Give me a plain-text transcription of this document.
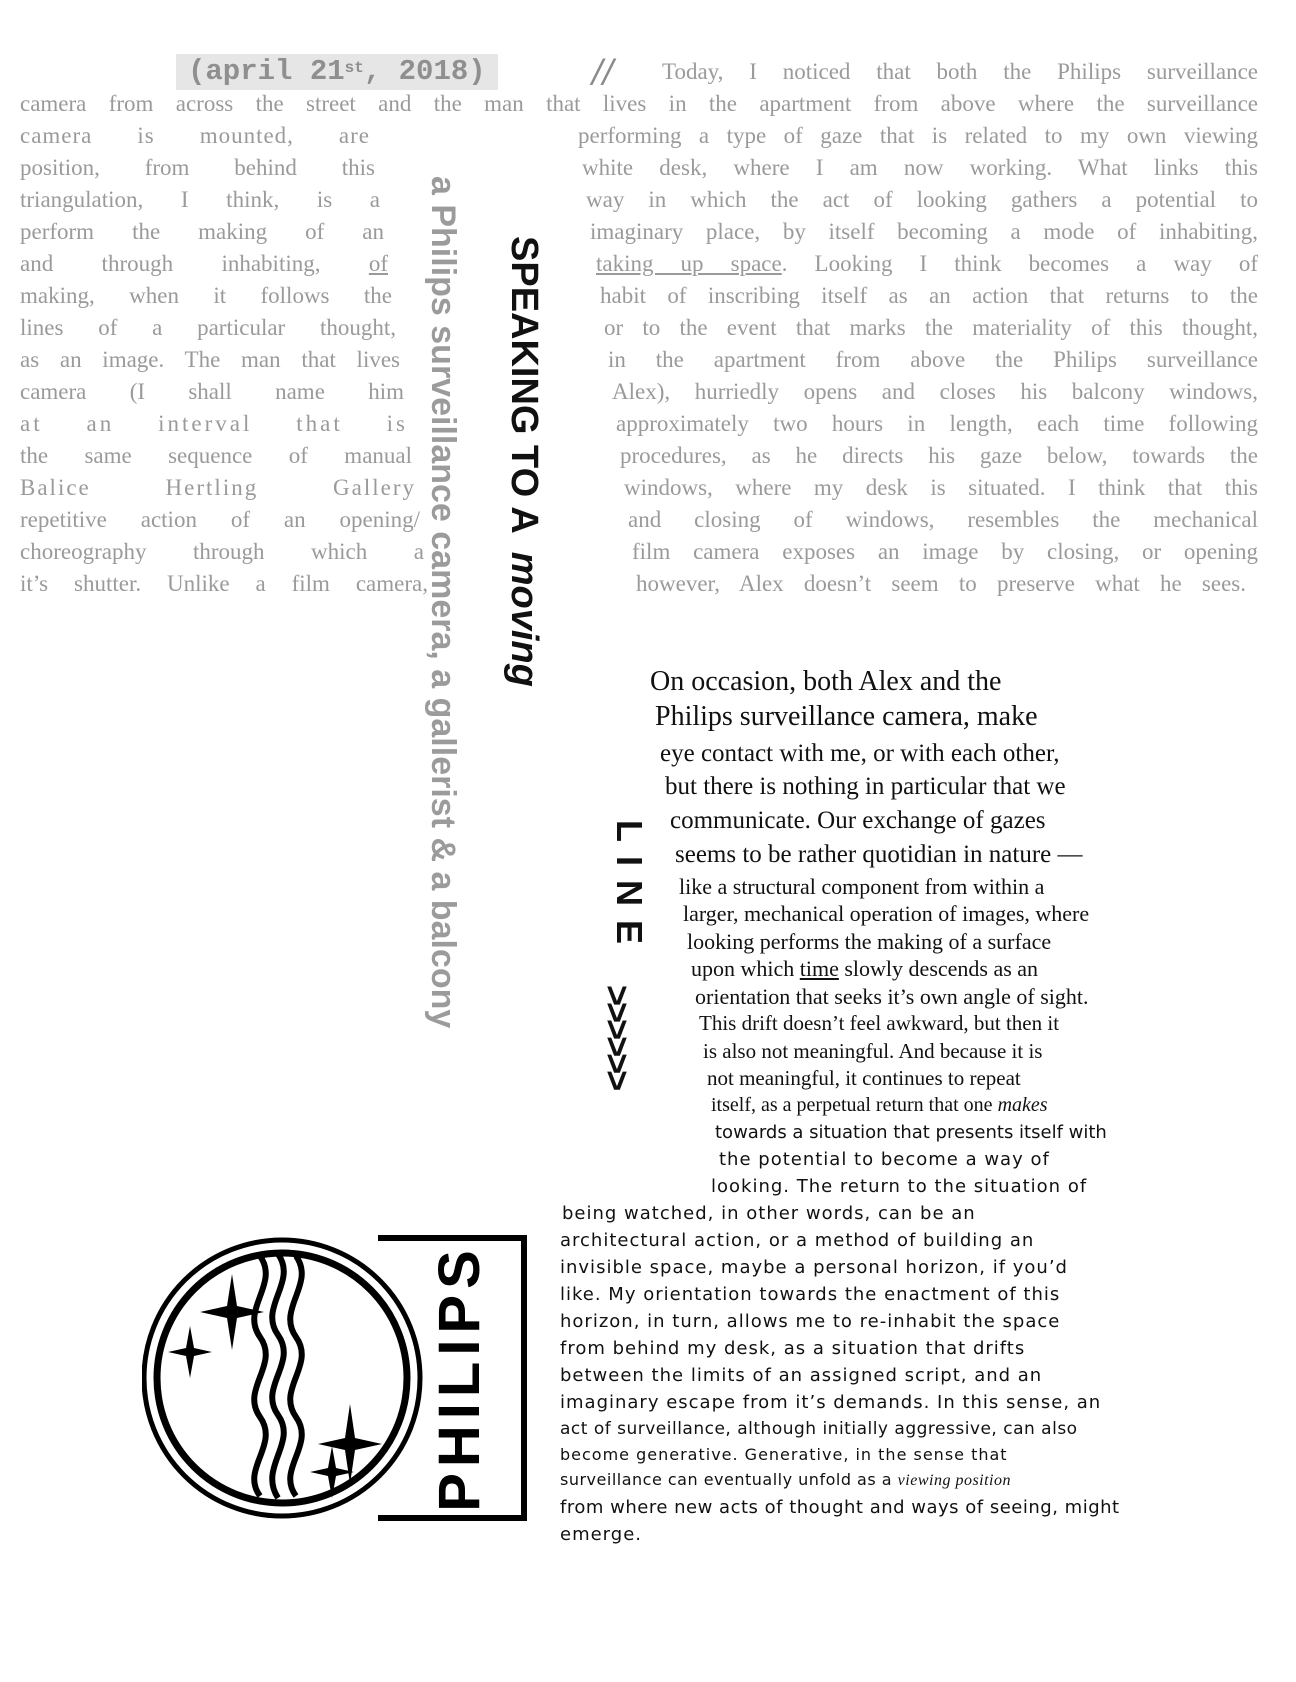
(april 21st, 2018)	// Today, I noticed that both the Philips surveillance
camera from across the street and the man that lives in the apartment from above where the surveillance
camera is mounted, are
position, from behind this
triangulation, I think, is a
perform the making of an
and through inhabiting, of
making, when it follows the
lines of a particular thought,
as an image. The man that lives
camera (I shall name him
at an interval that is
the same sequence of manual
Balice Hertling Gallery
repetitive action of an opening/
choreography through which a
it’s shutter. Unlike a film camera,
performing a type of gaze that is related to my own viewing
white desk, where I am now working. What links this
way in which the act of looking gathers a potential to
imaginary place, by itself becoming a mode of inhabiting,
taking up space. Looking I think becomes a way of
habit of inscribing itself as an action that returns to the
or to the event that marks the materiality of this thought,
in the apartment from above the Philips surveillance
Alex), hurriedly opens and closes his balcony windows,
approximately two hours in length, each time following
procedures, as he directs his gaze below, towards the
windows, where my desk is situated. I think that this
and closing of windows, resembles the mechanical
film camera exposes an image by closing, or opening
however, Alex doesn’t seem to preserve what he sees.
a Philips surveillance camera, a gallerist & a balcony SPEAKING TO Amoving
LINE
>>>>>>
On occasion, both Alex and the
Philips surveillance camera, make
eye contact with me, or with each other,
but there is nothing in particular that we
communicate. Our exchange of gazes
seems to be rather quotidian in nature —
like a structural component from within a
larger, mechanical operation of images, where
looking performs the making of a surface
upon which time slowly descends as an
orientation that seeks it’s own angle of sight.
This drift doesn’t feel awkward, but then it
is also not meaningful. And because it is
not meaningful, it continues to repeat
itself, as a perpetual return that one makes
towards a situation that presents itself with
the potential to become a way of
looking. The return to the situation of
being watched, in other words, can be an
architectural action, or a method of building an
invisible space, maybe a personal horizon, if you’d
like. My orientation towards the enactment of this
horizon, in turn, allows me to re-inhabit the space
from behind my desk, as a situation that drifts
between the limits of an assigned script, and an
imaginary escape from it’s demands. In this sense, an
act of surveillance, although initially aggressive, can also
become generative. Generative, in the sense that
surveillance can eventually unfold as a viewing position
from where new acts of thought and ways of seeing, might
emerge.
PHILIPS
